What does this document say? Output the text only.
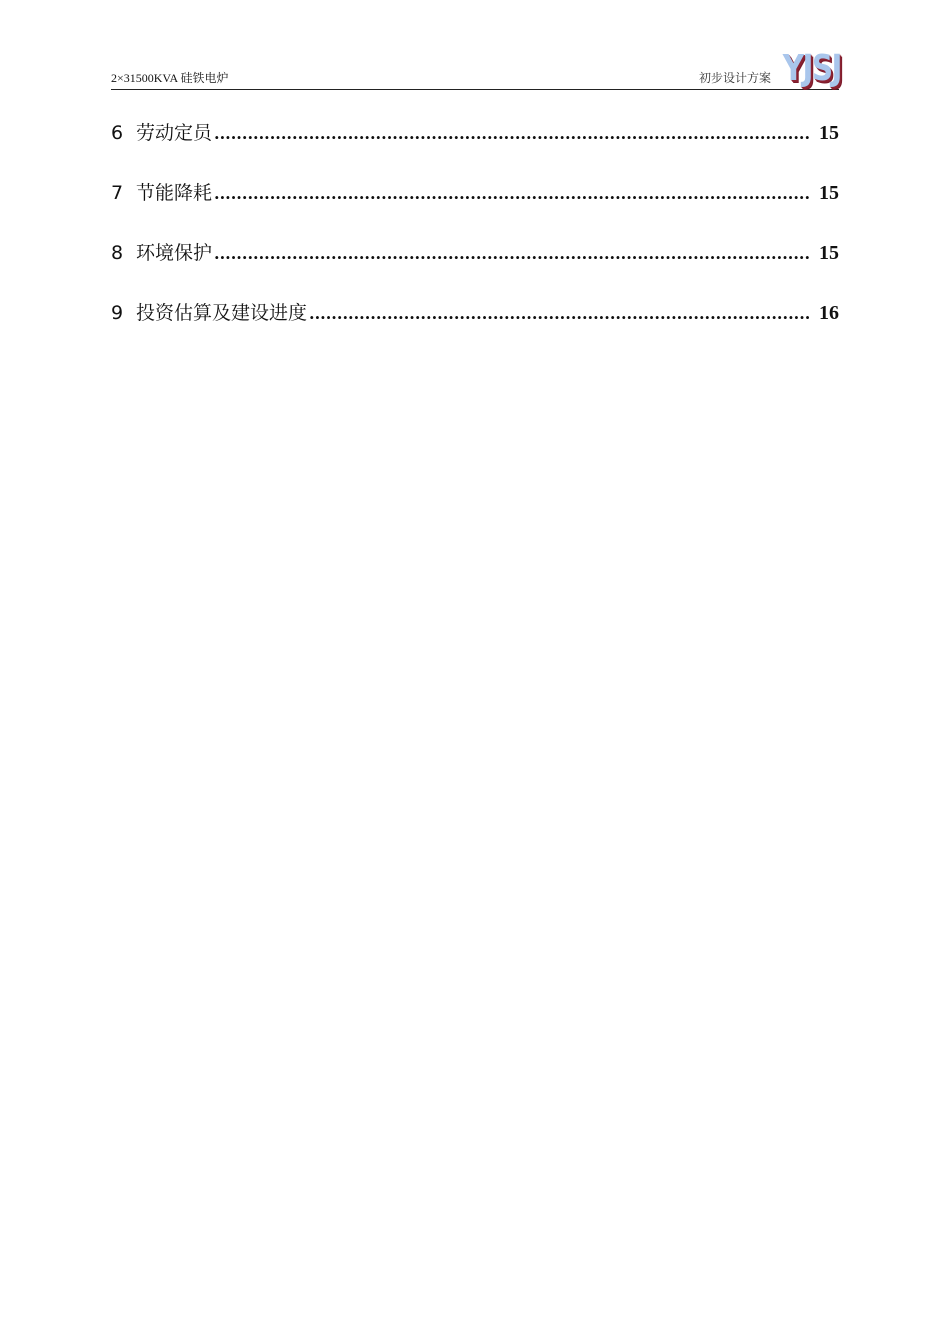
2×31500KVA 硅铁电炉	初步设计方案 YJSJ
6 劳动定员 .....	15
7 节能降耗 .....	15
8 环境保护 .....	15
9 投资估算及建设进度 .....	16
